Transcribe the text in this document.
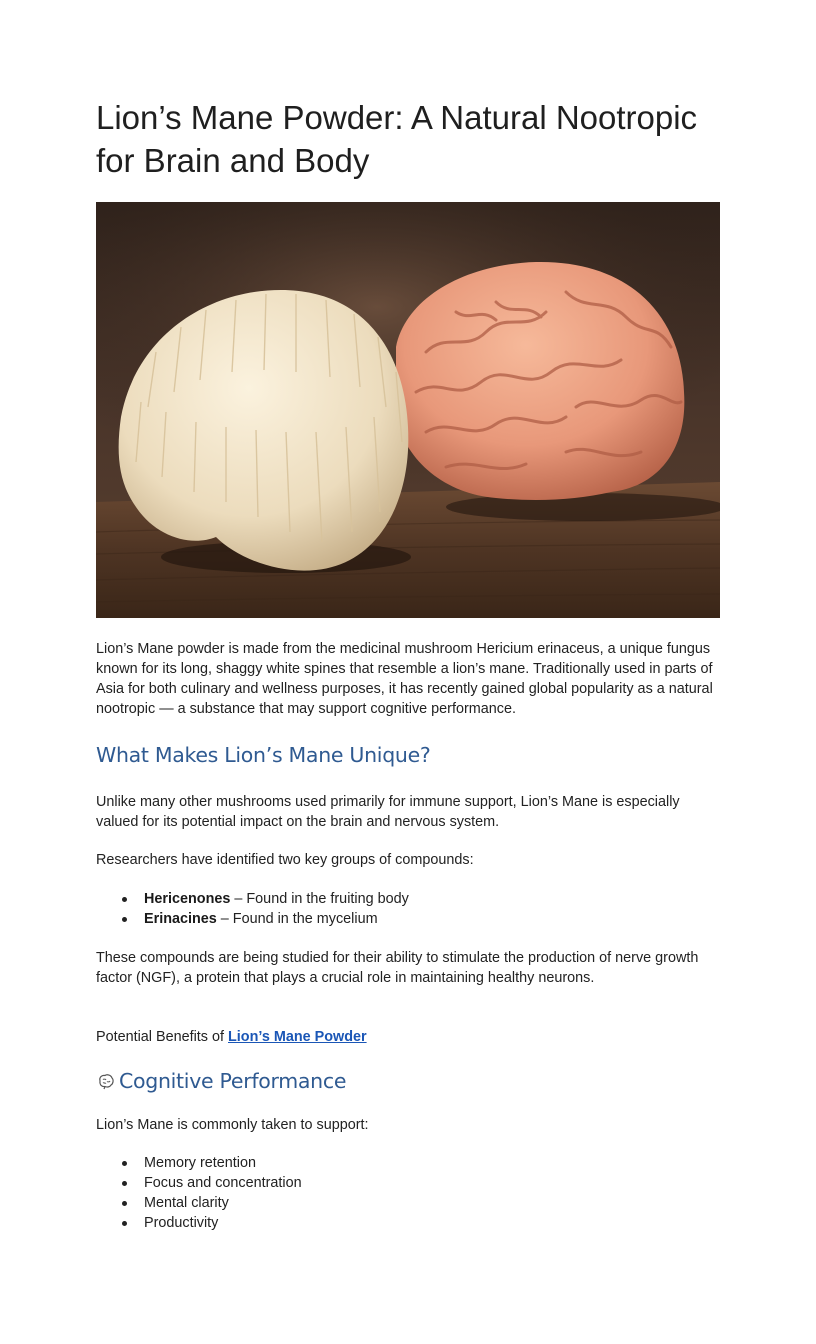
Lion’s Mane Powder: A Natural Nootropic for Brain and Body

Lion’s Mane powder is made from the medicinal mushroom Hericium erinaceus, a unique fungus known for its long, shaggy white spines that resemble a lion’s mane. Traditionally used in parts of Asia for both culinary and wellness purposes, it has recently gained global popularity as a natural nootropic — a substance that may support cognitive performance.

What Makes Lion’s Mane Unique?

Unlike many other mushrooms used primarily for immune support, Lion’s Mane is especially valued for its potential impact on the brain and nervous system.

Researchers have identified two key groups of compounds:

Hericenones – Found in the fruiting body
Erinacines – Found in the mycelium

These compounds are being studied for their ability to stimulate the production of nerve growth factor (NGF), a protein that plays a crucial role in maintaining healthy neurons.

Potential Benefits of Lion’s Mane Powder

Cognitive Performance

Lion’s Mane is commonly taken to support:

Memory retention
Focus and concentration
Mental clarity
Productivity
